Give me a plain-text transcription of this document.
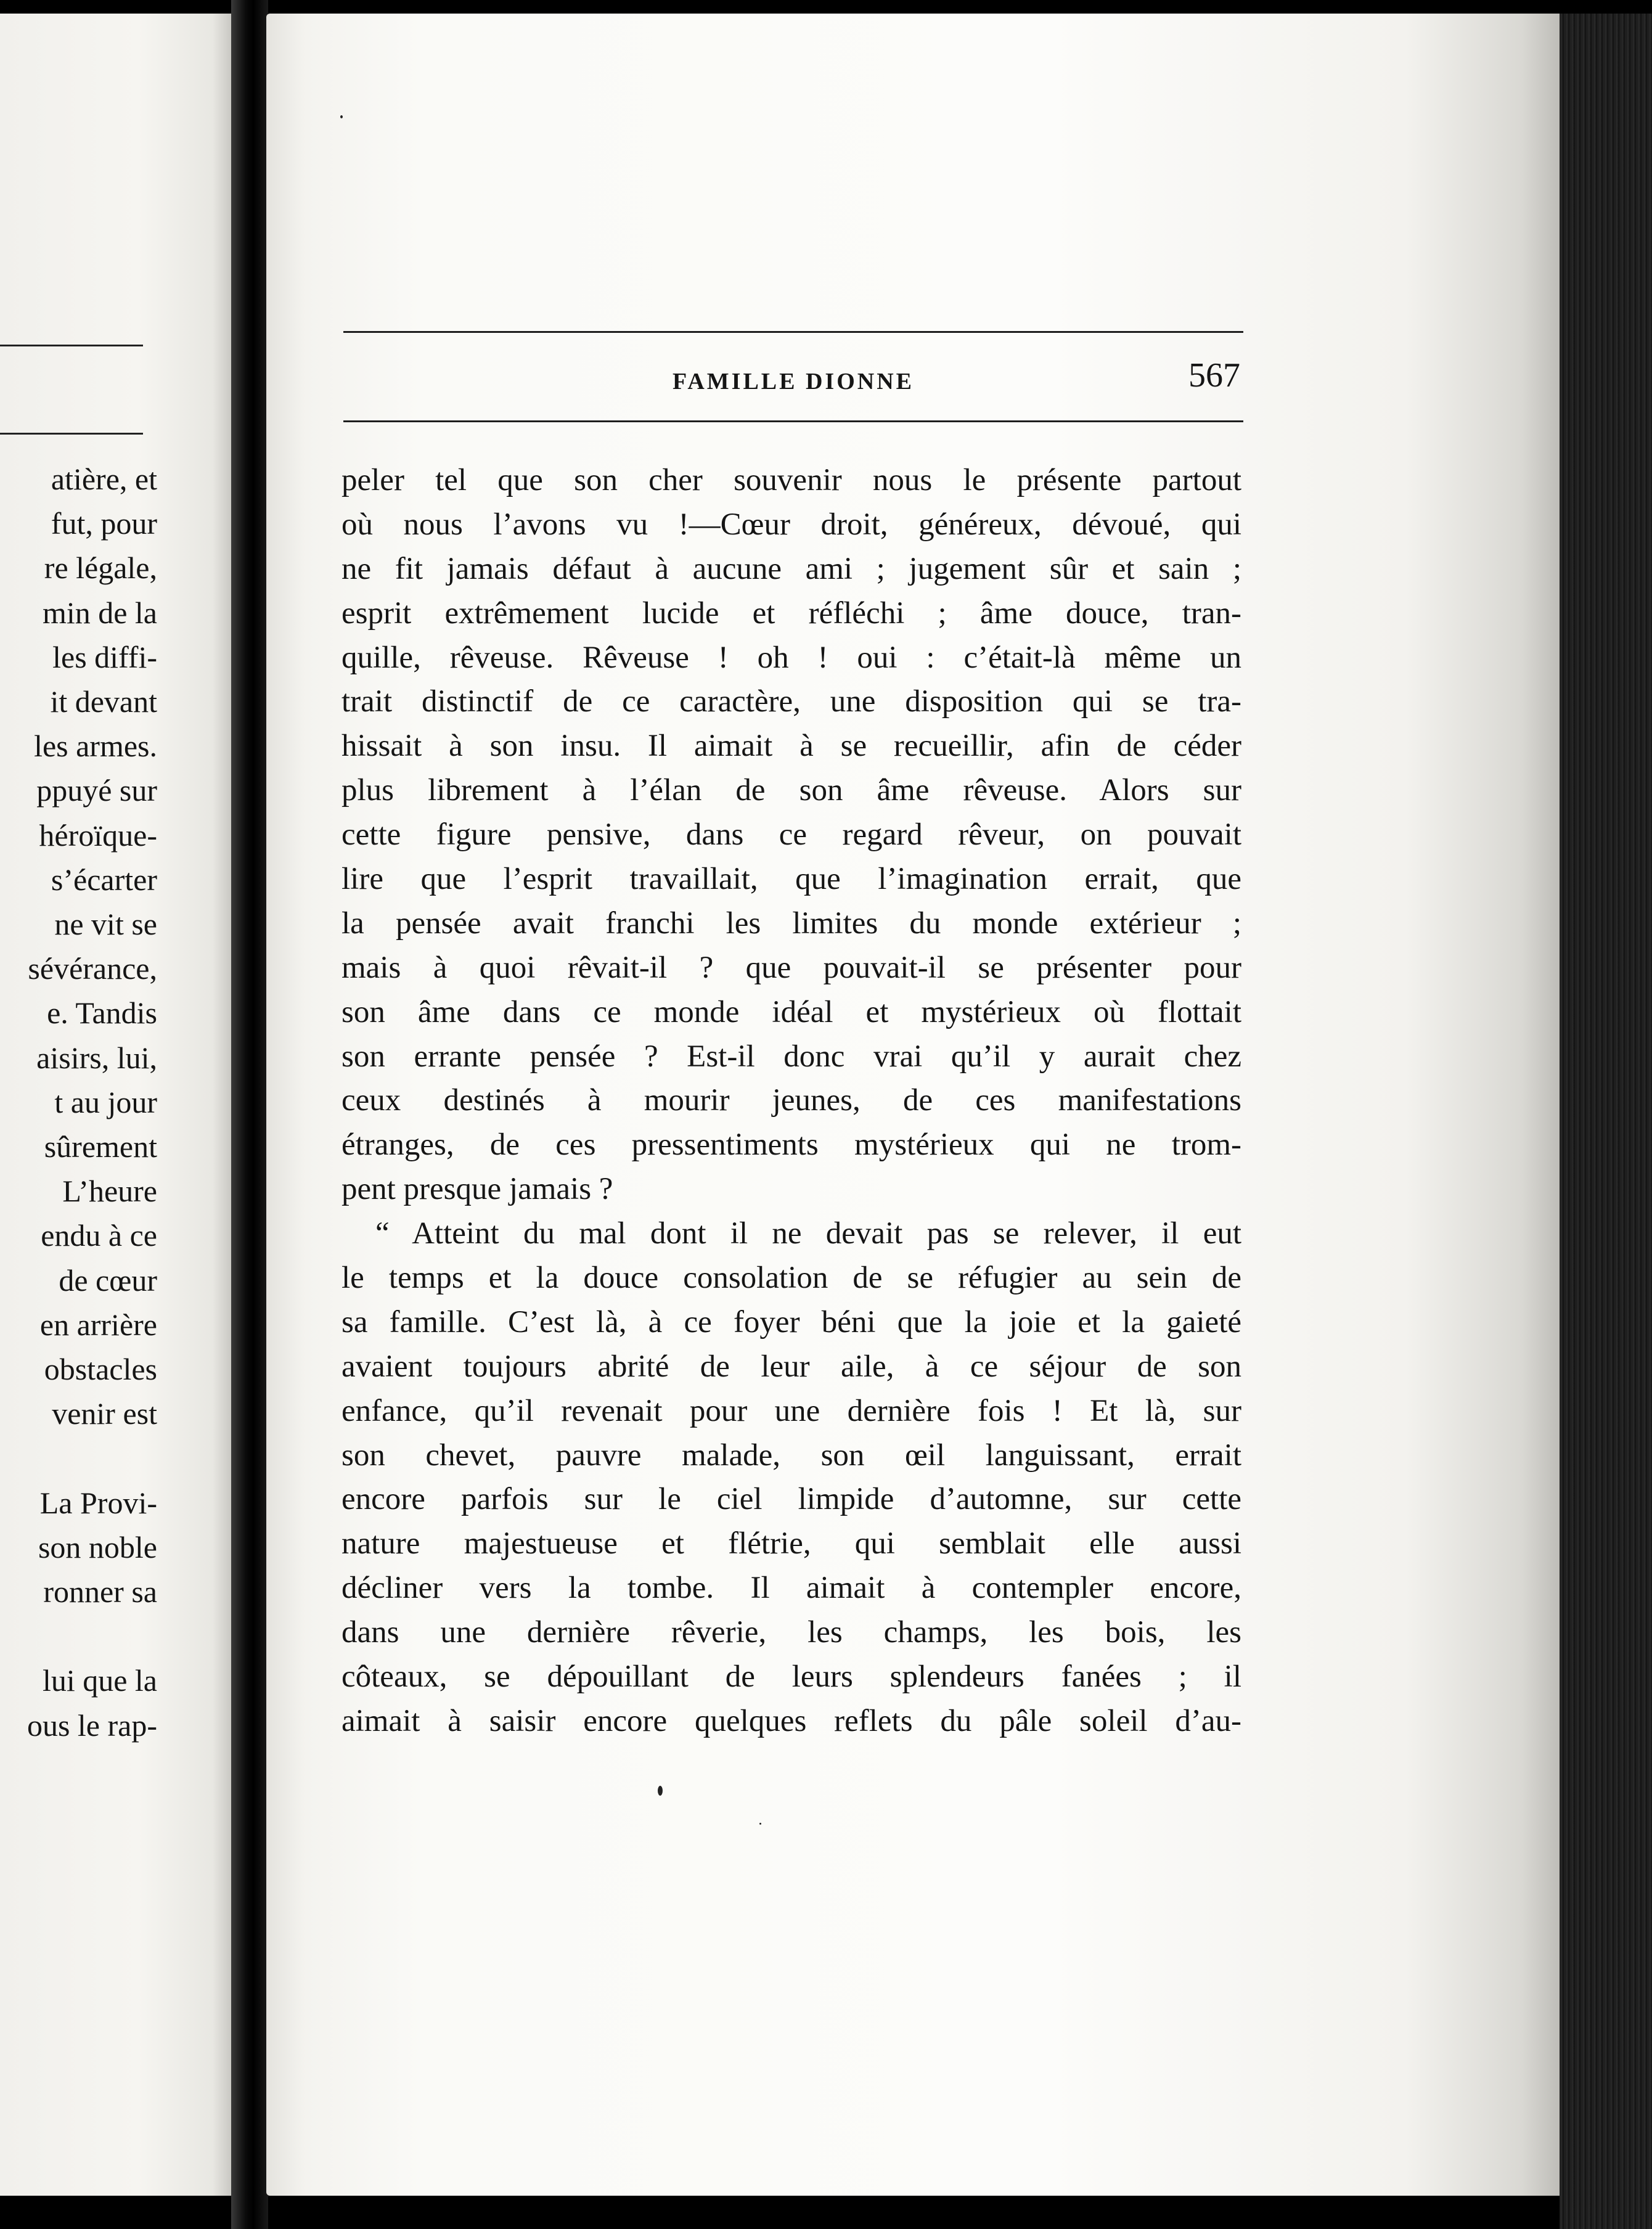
atière, et
fut, pour
re légale,
min de la
les diffi-
it devant
les armes.
ppuyé sur
héroïque-
s’écarter
ne vit se
sévérance,
e. Tandis
aisirs, lui,
t au jour
sûrement
L’heure
endu à ce
de cœur
en arrière
obstacles
venir est
La Provi-
son noble
ronner sa
lui que la
ous le rap-
FAMILLE DIONNE	567
peler tel que son cher souvenir nous le présente partout
où nous l’avons vu !—Cœur droit, généreux, dévoué, qui
ne fit jamais défaut à aucune ami ; jugement sûr et sain ;
esprit extrêmement lucide et réfléchi ; âme douce, tran-
quille, rêveuse. Rêveuse ! oh ! oui : c’était-là même un
trait distinctif de ce caractère, une disposition qui se tra-
hissait à son insu. Il aimait à se recueillir, afin de céder
plus librement à l’élan de son âme rêveuse. Alors sur
cette figure pensive, dans ce regard rêveur, on pouvait
lire que l’esprit travaillait, que l’imagination errait, que
la pensée avait franchi les limites du monde extérieur ;
mais à quoi rêvait-il ? que pouvait-il se présenter pour
son âme dans ce monde idéal et mystérieux où flottait
son errante pensée ? Est-il donc vrai qu’il y aurait chez
ceux destinés à mourir jeunes, de ces manifestations
étranges, de ces pressentiments mystérieux qui ne trom-
pent presque jamais ?
“ Atteint du mal dont il ne devait pas se relever, il eut
le temps et la douce consolation de se réfugier au sein de
sa famille. C’est là, à ce foyer béni que la joie et la gaieté
avaient toujours abrité de leur aile, à ce séjour de son
enfance, qu’il revenait pour une dernière fois ! Et là, sur
son chevet, pauvre malade, son œil languissant, errait
encore parfois sur le ciel limpide d’automne, sur cette
nature majestueuse et flétrie, qui semblait elle aussi
décliner vers la tombe. Il aimait à contempler encore,
dans une dernière rêverie, les champs, les bois, les
côteaux, se dépouillant de leurs splendeurs fanées ; il
aimait à saisir encore quelques reflets du pâle soleil d’au-
